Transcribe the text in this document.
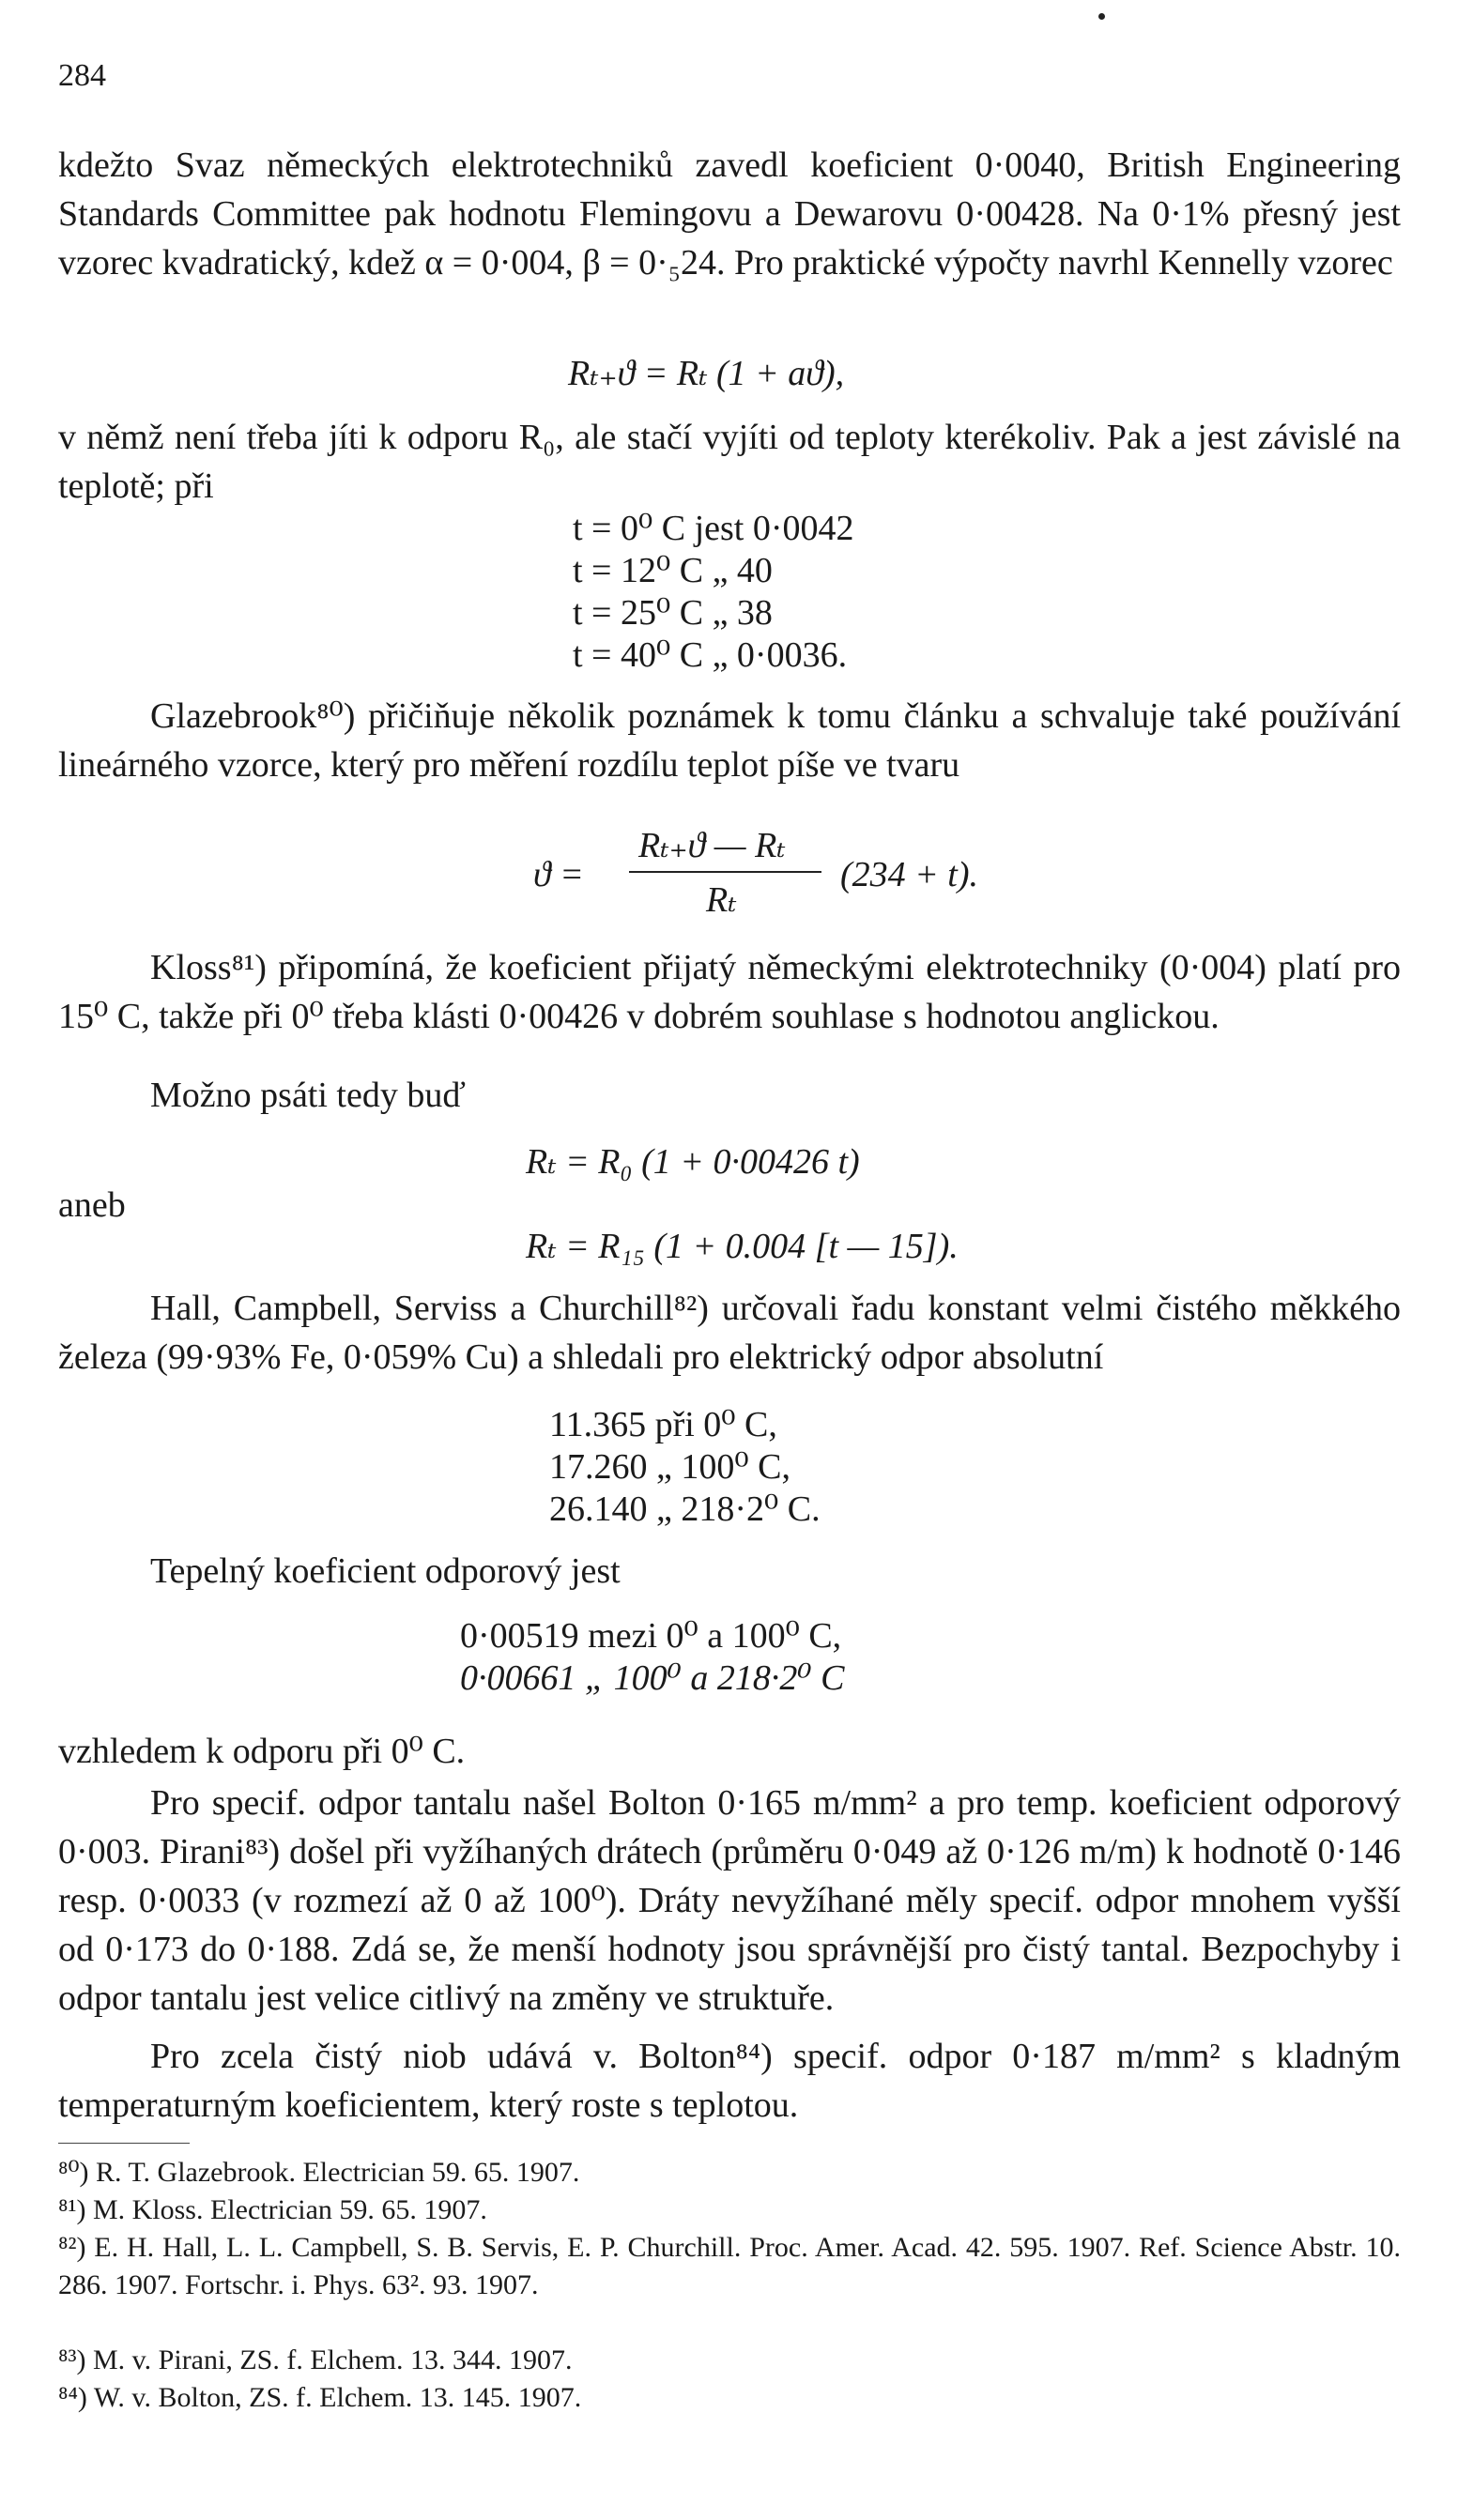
284

kdežto Svaz německých elektrotechniků zavedl koeficient 0·0040, British Engineering Standards Committee pak hodnotu Flemingovu a Dewarovu 0·00428. Na 0·1% přesný jest vzorec kvadratický, kdež α = 0·004, β = 0·₅24. Pro praktické výpočty navrhl Kennelly vzorec

Rₜ₊ϑ = Rₜ (1 + aϑ),

v němž není třeba jíti k odporu R₀, ale stačí vyjíti od teploty kterékoliv. Pak a jest závislé na teplotě; při

t = 0⁰ C jest 0·0042
t = 12⁰ C „ 40
t = 25⁰ C „ 38
t = 40⁰ C „ 0·0036.

Glazebrook⁸⁰) přičiňuje několik poznámek k tomu článku a schvaluje také používání lineárného vzorce, který pro měření rozdílu teplot píše ve tvaru

ϑ =
Rₜ₊ϑ — Rₜ
Rₜ
(234 + t).

Kloss⁸¹) připomíná, že koeficient přijatý německými elektrotechniky (0·004) platí pro 15⁰ C, takže při 0⁰ třeba klásti 0·00426 v dobrém souhlase s hodnotou anglickou.

Možno psáti tedy buď

Rₜ = R₀ (1 + 0·00426 t)
aneb
Rₜ = R₁₅ (1 + 0.004 [t — 15]).

Hall, Campbell, Serviss a Churchill⁸²) určovali řadu konstant velmi čistého měkkého železa (99·93% Fe, 0·059% Cu) a shledali pro elektrický odpor absolutní

11.365 při 0⁰ C,
17.260 „ 100⁰ C,
26.140 „ 218·2⁰ C.

Tepelný koeficient odporový jest

0·00519 mezi 0⁰ a 100⁰ C,
0·00661 „ 100⁰ a 218·2⁰ C

vzhledem k odporu při 0⁰ C.

Pro specif. odpor tantalu našel Bolton 0·165 m/mm² a pro temp. koeficient odporový 0·003. Pirani⁸³) došel při vyžíhaných drátech (průměru 0·049 až 0·126 m/m) k hodnotě 0·146 resp. 0·0033 (v rozmezí až 0 až 100⁰). Dráty nevyžíhané měly specif. odpor mnohem vyšší od 0·173 do 0·188. Zdá se, že menší hodnoty jsou správnější pro čistý tantal. Bezpochyby i odpor tantalu jest velice citlivý na změny ve struktuře.

Pro zcela čistý niob udává v. Bolton⁸⁴) specif. odpor 0·187 m/mm² s kladným temperaturným koeficientem, který roste s teplotou.

⁸⁰) R. T. Glazebrook. Electrician 59. 65. 1907.

⁸¹) M. Kloss. Electrician 59. 65. 1907.

⁸²) E. H. Hall, L. L. Campbell, S. B. Servis, E. P. Churchill. Proc. Amer. Acad. 42. 595. 1907. Ref. Science Abstr. 10. 286. 1907. Fortschr. i. Phys. 63². 93. 1907.

⁸³) M. v. Pirani, ZS. f. Elchem. 13. 344. 1907.

⁸⁴) W. v. Bolton, ZS. f. Elchem. 13. 145. 1907.
